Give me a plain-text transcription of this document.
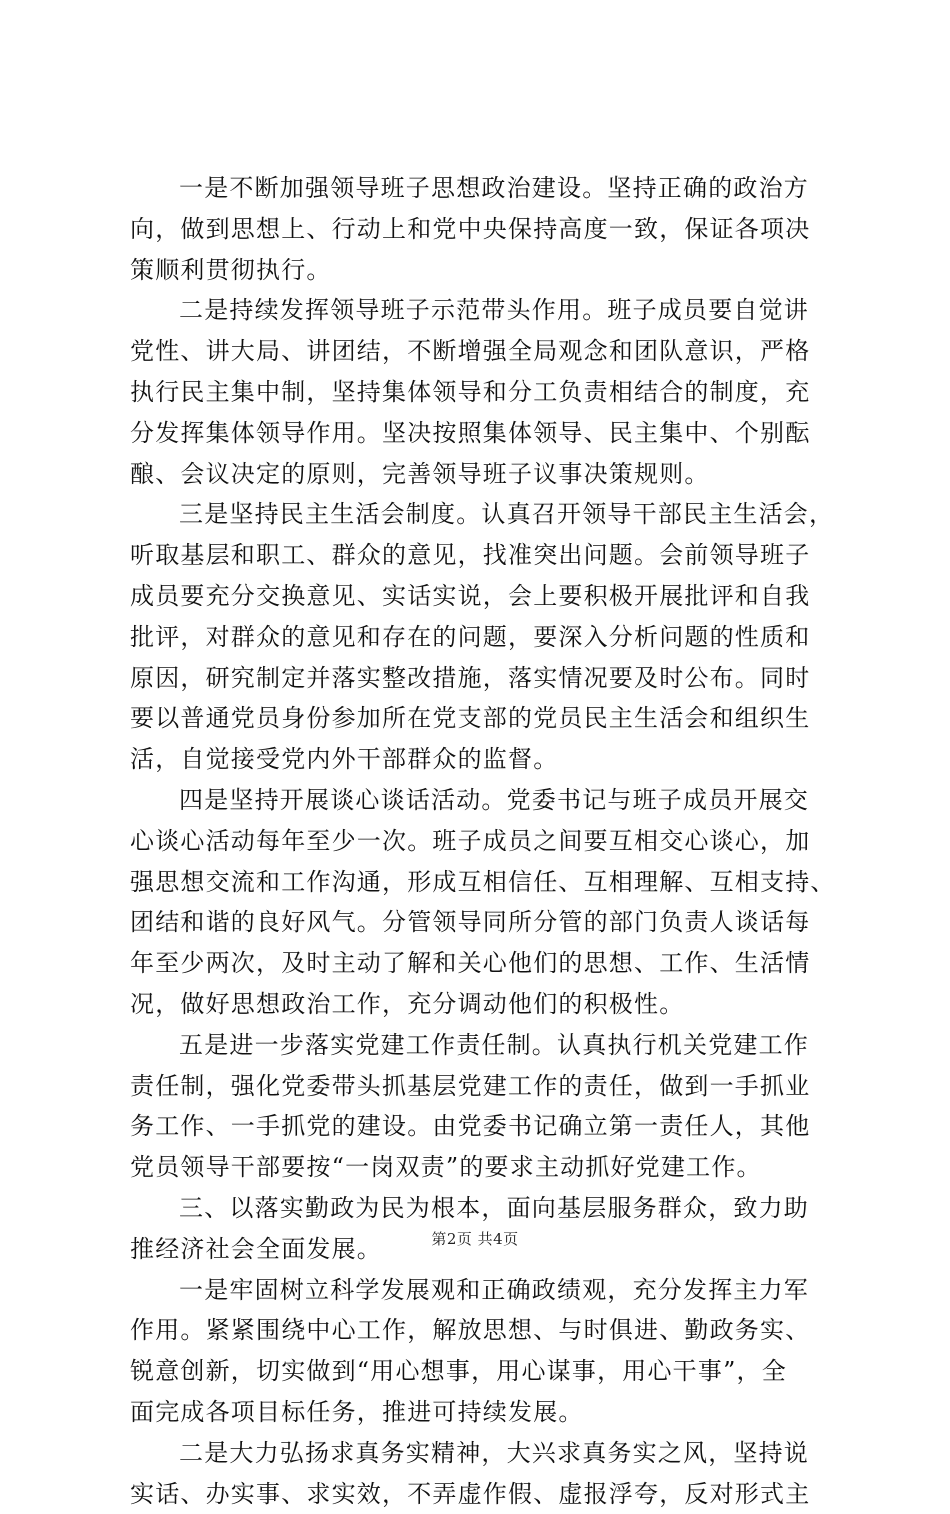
一是不断加强领导班子思想政治建设。坚持正确的政治方
向，做到思想上、行动上和党中央保持高度一致，保证各项决
策顺利贯彻执行。
二是持续发挥领导班子示范带头作用。班子成员要自觉讲
党性、讲大局、讲团结，不断增强全局观念和团队意识，严格
执行民主集中制，坚持集体领导和分工负责相结合的制度，充
分发挥集体领导作用。坚决按照集体领导、民主集中、个别酝
酿、会议决定的原则，完善领导班子议事决策规则。
三是坚持民主生活会制度。认真召开领导干部民主生活会，
听取基层和职工、群众的意见，找准突出问题。会前领导班子
成员要充分交换意见、实话实说，会上要积极开展批评和自我
批评，对群众的意见和存在的问题，要深入分析问题的性质和
原因，研究制定并落实整改措施，落实情况要及时公布。同时
要以普通党员身份参加所在党支部的党员民主生活会和组织生
活，自觉接受党内外干部群众的监督。
四是坚持开展谈心谈话活动。党委书记与班子成员开展交
心谈心活动每年至少一次。班子成员之间要互相交心谈心，加
强思想交流和工作沟通，形成互相信任、互相理解、互相支持、
团结和谐的良好风气。分管领导同所分管的部门负责人谈话每
年至少两次，及时主动了解和关心他们的思想、工作、生活情
况，做好思想政治工作，充分调动他们的积极性。
五是进一步落实党建工作责任制。认真执行机关党建工作
责任制，强化党委带头抓基层党建工作的责任，做到一手抓业
务工作、一手抓党的建设。由党委书记确立第一责任人，其他
党员领导干部要按“一岗双责”的要求主动抓好党建工作。
三、以落实勤政为民为根本，面向基层服务群众，致力助
推经济社会全面发展。
一是牢固树立科学发展观和正确政绩观，充分发挥主力军
作用。紧紧围绕中心工作，解放思想、与时俱进、勤政务实、
锐意创新，切实做到“用心想事，用心谋事，用心干事”，全
面完成各项目标任务，推进可持续发展。
二是大力弘扬求真务实精神，大兴求真务实之风，坚持说
实话、办实事、求实效，不弄虚作假、虚报浮夸，反对形式主
第2页 共4页
